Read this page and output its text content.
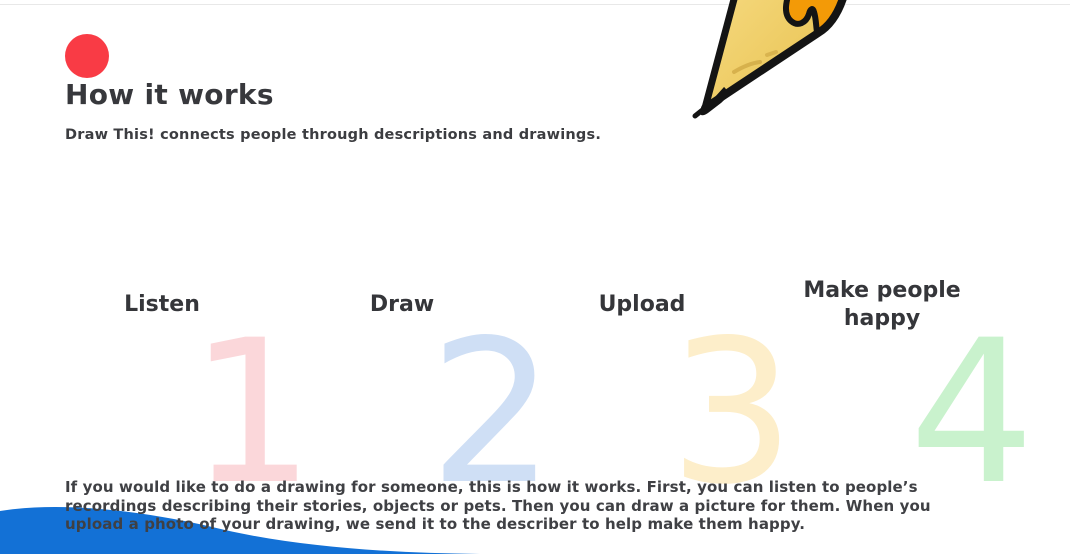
How it works

Draw This! connects people through descriptions and drawings.

Listen
1	Draw
2	Upload
3
Make people happy
4

If you would like to do a drawing for someone, this is how it works. First, you can listen to people’s recordings describing their stories, objects or pets. Then you can draw a picture for them. When you upload a photo of your drawing, we send it to the describer to help make them happy.
